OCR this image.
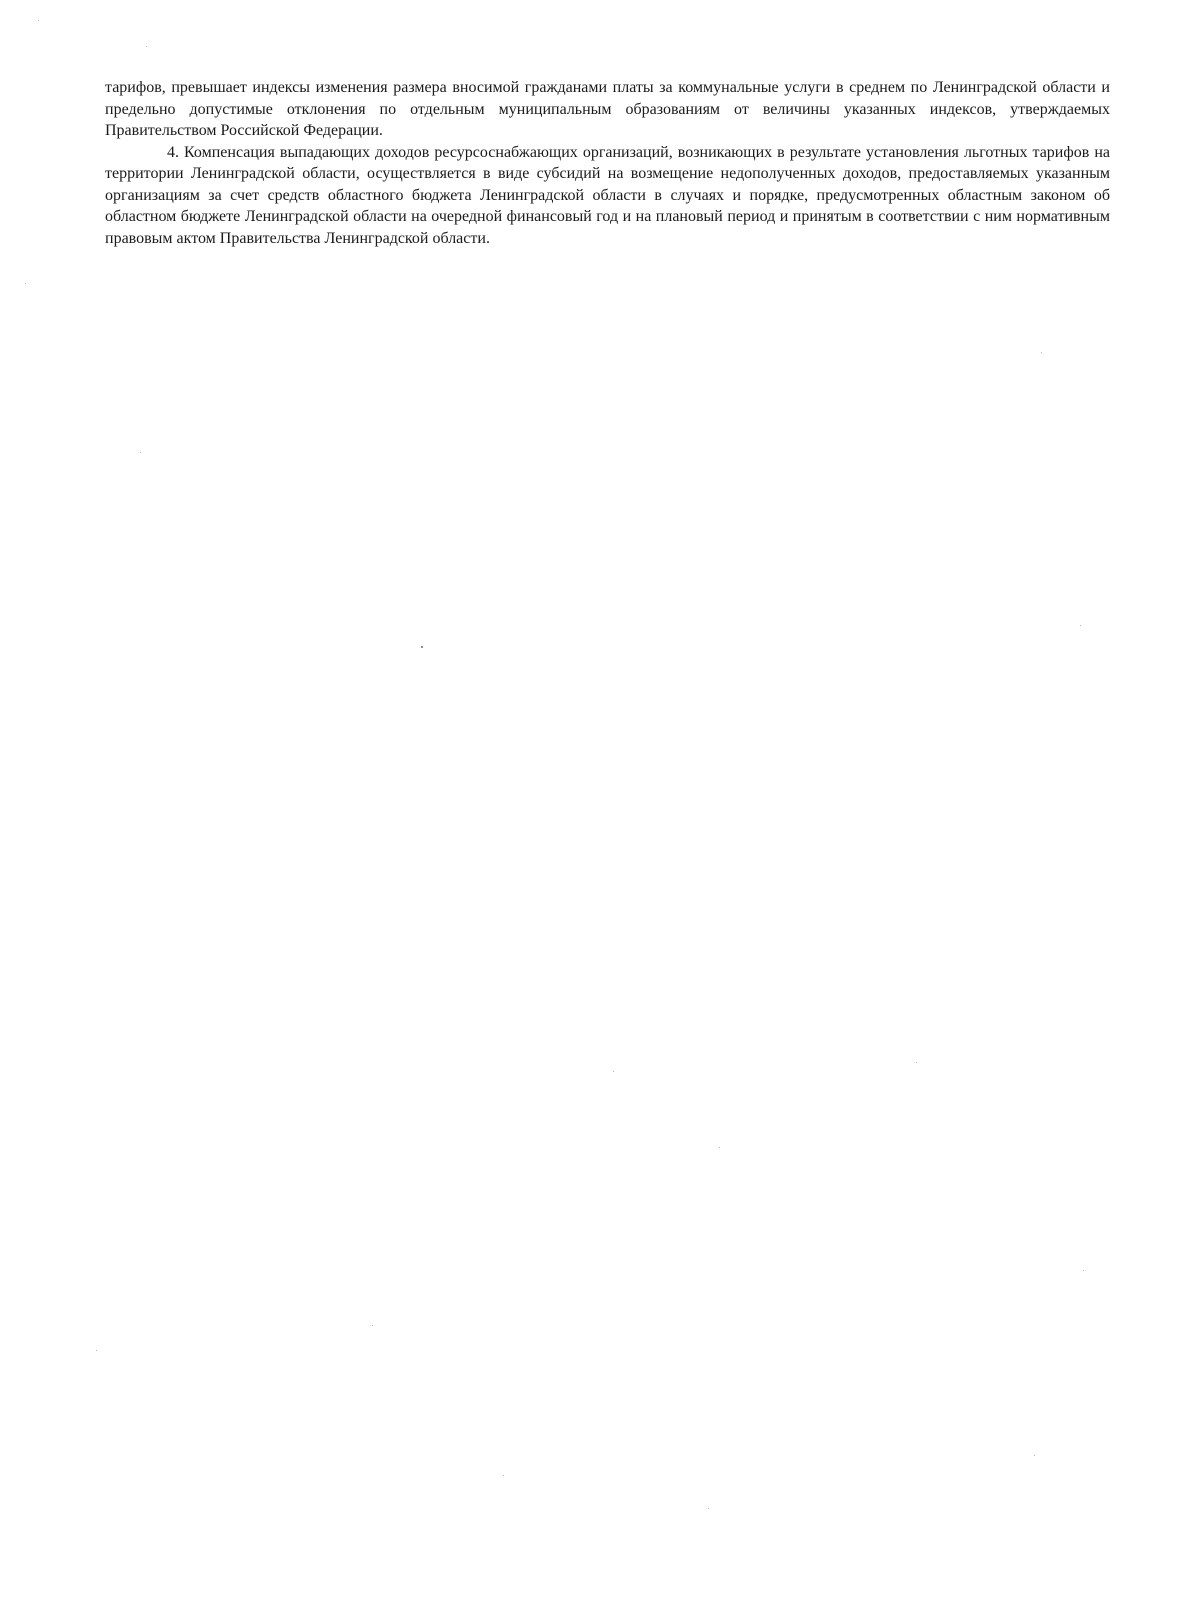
тарифов, превышает индексы изменения размера вносимой гражданами платы за коммунальные услуги в среднем по Ленинградской области и предельно допустимые отклонения по отдельным муниципальным образованиям от величины указанных индексов, утверждаемых Правительством Российской Федерации.

4. Компенсация выпадающих доходов ресурсоснабжающих организаций, возникающих в результате установления льготных тарифов на территории Ленинградской области, осуществляется в виде субсидий на возмещение недополученных доходов, предоставляемых указанным организациям за счет средств областного бюджета Ленинградской области в случаях и порядке, предусмотренных областным законом об областном бюджете Ленинградской области на очередной финансовый год и на плановый период и принятым в соответствии с ним нормативным правовым актом Правительства Ленинградской области.
